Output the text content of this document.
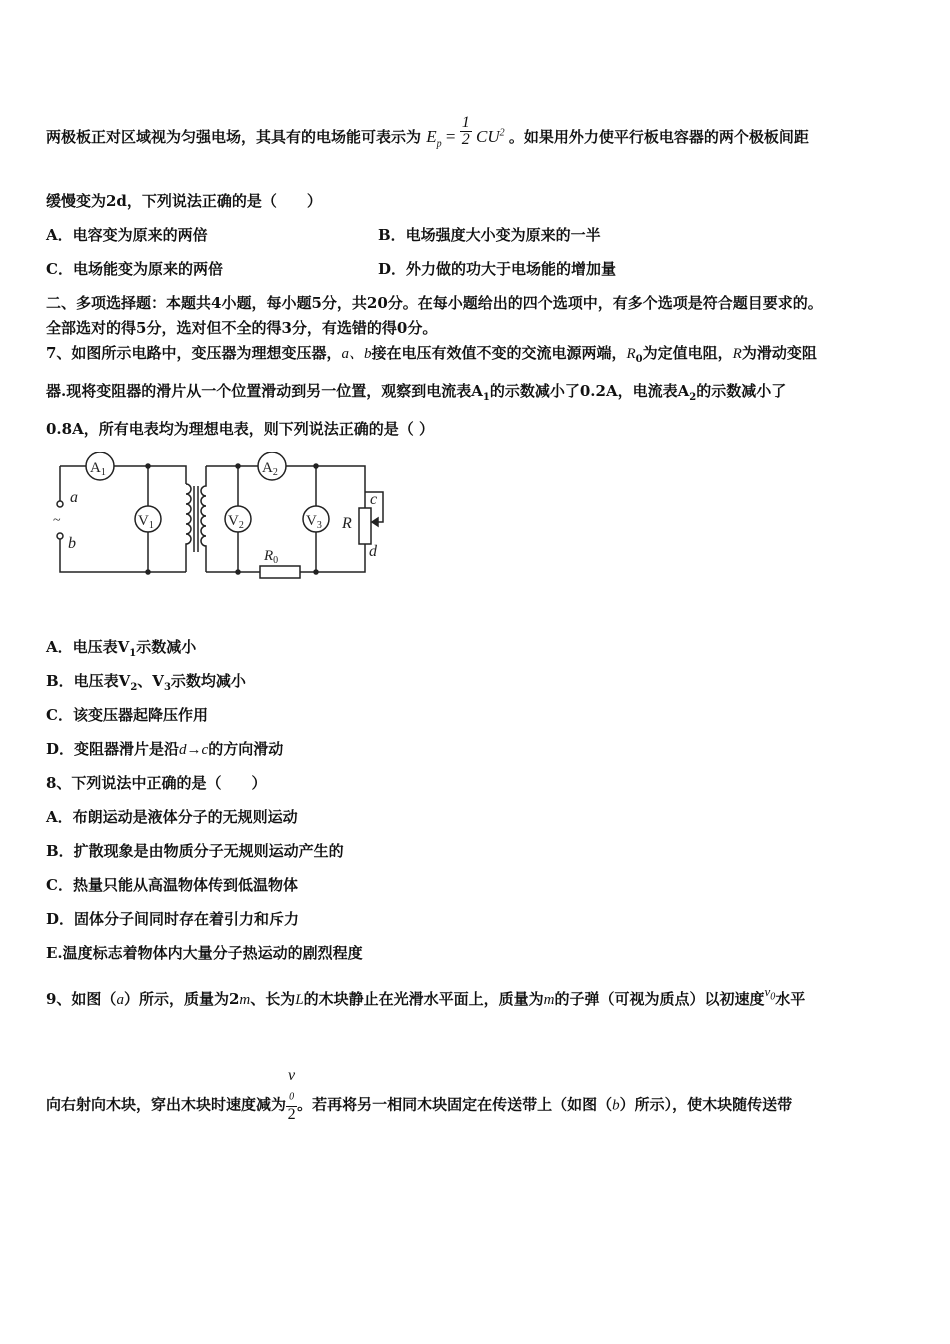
两极板正对区域视为匀强电场，其具有的电场能可表示为 $E_p = \frac{1}{2} CU^2$ 。如果用外力使平行板电容器的两个极板间距
缓慢变为2d，下列说法正确的是（　　）
A．电容变为原来的两倍	B．电场强度大小变为原来的一半
C．电场能变为原来的两倍	D．外力做的功大于电场能的增加量
二、多项选择题：本题共4小题，每小题5分，共20分。在每小题给出的四个选项中，有多个选项是符合题目要求的。
全部选对的得5分，选对但不全的得3分，有选错的得0分。
7、如图所示电路中，变压器为理想变压器，a、b接在电压有效值不变的交流电源两端，$R_0$为定值电阻，R为滑动变阻
器.现将变阻器的滑片从一个位置滑动到另一位置，观察到电流表$A_1$的示数减小了0.2A，电流表$A_2$的示数减小了
0.8A，所有电表均为理想电表，则下列说法正确的是（ ）
$A_1$
$V_1$
a
~
b
$A_2$
$V_2$	$V_3$
$R_0$
R
c
d
A．电压表$V_1$示数减小
B．电压表$V_2$、$V_3$示数均减小
C．该变压器起降压作用
D．变阻器滑片是沿d→c的方向滑动
8、下列说法中正确的是（　　）
A．布朗运动是液体分子的无规则运动
B．扩散现象是由物质分子无规则运动产生的
C．热量只能从高温物体传到低温物体
D．固体分子间同时存在着引力和斥力
E.温度标志着物体内大量分子热运动的剧烈程度
9、如图（a）所示，质量为2m、长为L的木块静止在光滑水平面上，质量为m的子弹（可视为质点）以初速度$v_0$水平
向右射向木块，穿出木块时速度减为 v
$_0$
2 。若再将另一相同木块固定在传送带上（如图（b）所示），使木块随传送带
